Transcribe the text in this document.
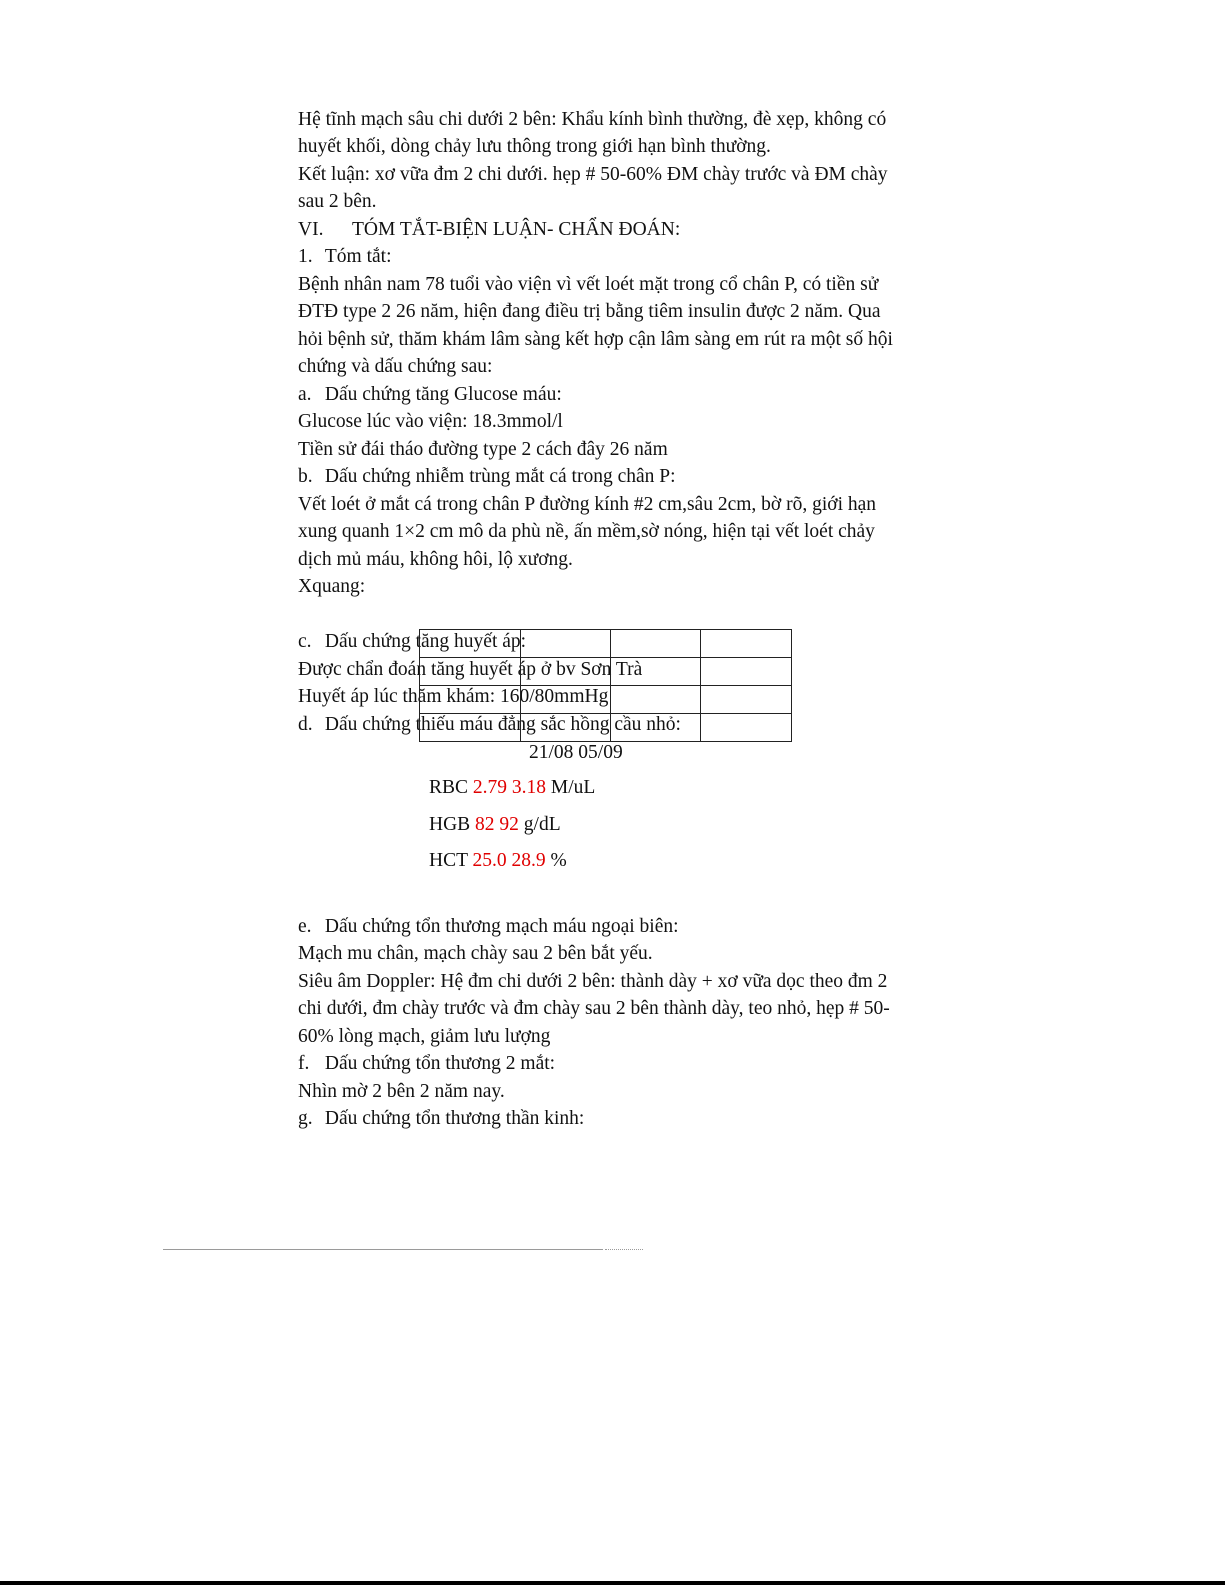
Hệ tĩnh mạch sâu chi dưới 2 bên: Khẩu kính bình thường, đè xẹp, không có
huyết khối, dòng chảy lưu thông trong giới hạn bình thường.
Kết luận: xơ vữa đm 2 chi dưới. hẹp # 50-60% ĐM chày trước và ĐM chày
sau 2 bên.
VI. TÓM TẮT-BIỆN LUẬN- CHẨN ĐOÁN:
1. Tóm tắt:
Bệnh nhân nam 78 tuổi vào viện vì vết loét mặt trong cổ chân P, có tiền sử
ĐTĐ type 2 26 năm, hiện đang điều trị bằng tiêm insulin được 2 năm. Qua
hỏi bệnh sử, thăm khám lâm sàng kết hợp cận lâm sàng em rút ra một số hội
chứng và dấu chứng sau:
a. Dấu chứng tăng Glucose máu:
Glucose lúc vào viện: 18.3mmol/l
Tiền sử đái tháo đường type 2 cách đây 26 năm
b. Dấu chứng nhiễm trùng mắt cá trong chân P:
Vết loét ở mắt cá trong chân P đường kính #2 cm,sâu 2cm, bờ rõ, giới hạn
xung quanh 1×2 cm mô da phù nề, ấn mềm,sờ nóng, hiện tại vết loét chảy
dịch mủ máu, không hôi, lộ xương.
Xquang:
c. Dấu chứng tăng huyết áp:
Được chẩn đoán tăng huyết áp ở bv Sơn Trà
Huyết áp lúc thăm khám: 160/80mmHg
d. Dấu chứng thiếu máu đẳng sắc hồng cầu nhỏ:

21/08 05/09
RBC 2.79 3.18 M/uL
HGB 82 92 g/dL
HCT 25.0 28.9 %
e. Dấu chứng tổn thương mạch máu ngoại biên:
Mạch mu chân, mạch chày sau 2 bên bắt yếu.
Siêu âm Doppler: Hệ đm chi dưới 2 bên: thành dày + xơ vữa dọc theo đm 2
chi dưới, đm chày trước và đm chày sau 2 bên thành dày, teo nhỏ, hẹp # 50-
60% lòng mạch, giảm lưu lượng
f. Dấu chứng tổn thương 2 mắt:
Nhìn mờ 2 bên 2 năm nay.
g. Dấu chứng tổn thương thần kinh:
